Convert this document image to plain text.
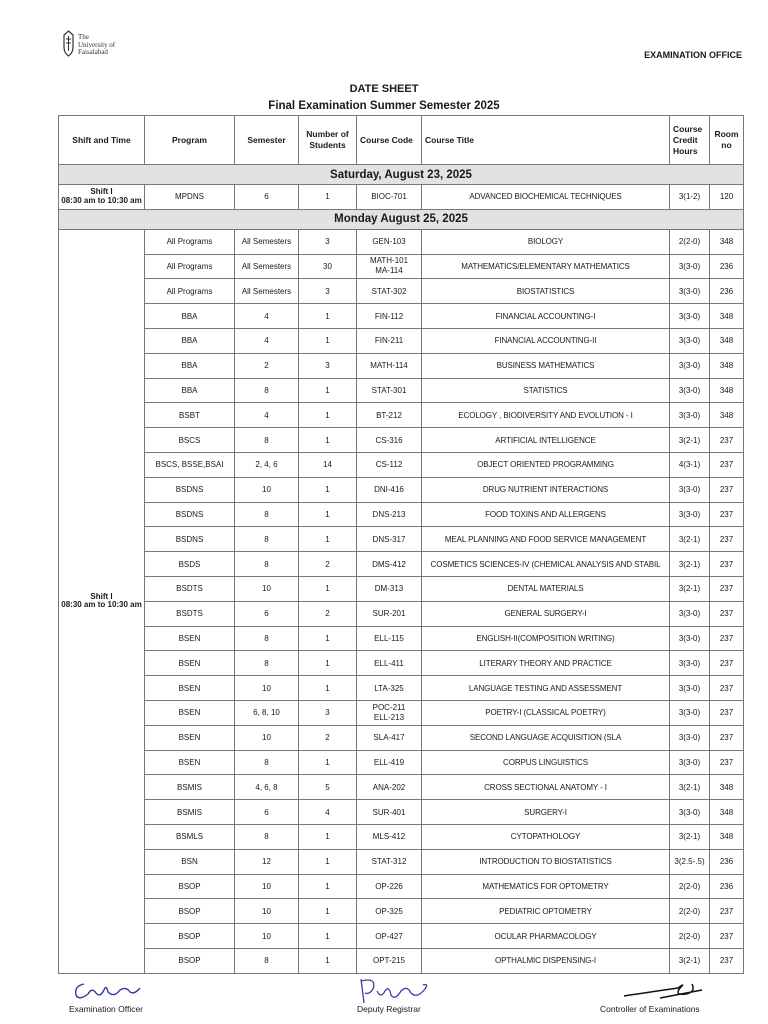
The
University of
Faisalabad	EXAMINATION OFFICE
DATE SHEET
Final Examination Summer Semester 2025
Shift and Time	Program	Semester	Number of Students	Course Code	Course Title	Course Credit Hours	Room no
Saturday, August 23, 2025							

Shift I
08:30 am to 10:30 am	MPDNS	6	1	BIOC-701	ADVANCED BIOCHEMICAL TECHNIQUES	3(1-2)	120
Monday August 25, 2025							

Shift I
08:30 am to 10:30 am	All Programs	All Semesters	3	GEN-103	BIOLOGY	2(2-0)	348
	All Programs	All Semesters	30	MATH-101
MA-114	MATHEMATICS/ELEMENTARY MATHEMATICS	3(3-0)	236
	All Programs	All Semesters	3	STAT-302	BIOSTATISTICS	3(3-0)	236
	BBA	4	1	FIN-112	FINANCIAL ACCOUNTING-I	3(3-0)	348
	BBA	4	1	FIN-211	FINANCIAL ACCOUNTING-II	3(3-0)	348
	BBA	2	3	MATH-114	BUSINESS MATHEMATICS	3(3-0)	348
	BBA	8	1	STAT-301	STATISTICS	3(3-0)	348
	BSBT	4	1	BT-212	ECOLOGY , BIODIVERSITY AND EVOLUTION - I	3(3-0)	348
	BSCS	8	1	CS-316	ARTIFICIAL INTELLIGENCE	3(2-1)	237
	BSCS, BSSE,BSAI	2, 4, 6	14	CS-112	OBJECT ORIENTED PROGRAMMING	4(3-1)	237
	BSDNS	10	1	DNI-416	DRUG NUTRIENT INTERACTIONS	3(3-0)	237
	BSDNS	8	1	DNS-213	FOOD TOXINS AND ALLERGENS	3(3-0)	237
	BSDNS	8	1	DNS-317	MEAL PLANNING AND FOOD SERVICE MANAGEMENT	3(2-1)	237
	BSDS	8	2	DMS-412	COSMETICS SCIENCES-IV (CHEMICAL ANALYSIS AND STABIL	3(2-1)	237
	BSDTS	10	1	DM-313	DENTAL MATERIALS	3(2-1)	237
	BSDTS	6	2	SUR-201	GENERAL SURGERY-I	3(3-0)	237
	BSEN	8	1	ELL-115	ENGLISH-II(COMPOSITION WRITING)	3(3-0)	237
	BSEN	8	1	ELL-411	LITERARY THEORY AND PRACTICE	3(3-0)	237
	BSEN	10	1	LTA-325	LANGUAGE TESTING AND ASSESSMENT	3(3-0)	237
	BSEN	6, 8, 10	3	POC-211
ELL-213	POETRY-I (CLASSICAL POETRY)	3(3-0)	237
	BSEN	10	2	SLA-417	SECOND LANGUAGE ACQUISITION (SLA	3(3-0)	237
	BSEN	8	1	ELL-419	CORPUS LINGUISTICS	3(3-0)	237
	BSMIS	4, 6, 8	5	ANA-202	CROSS SECTIONAL ANATOMY - I	3(2-1)	348
	BSMIS	6	4	SUR-401	SURGERY-I	3(3-0)	348
	BSMLS	8	1	MLS-412	CYTOPATHOLOGY	3(2-1)	348
	BSN	12	1	STAT-312	INTRODUCTION TO BIOSTATISTICS	3(2.5-.5)	236
	BSOP	10	1	OP-226	MATHEMATICS FOR OPTOMETRY	2(2-0)	236
	BSOP	10	1	OP-325	PEDIATRIC OPTOMETRY	2(2-0)	237
	BSOP	10	1	OP-427	OCULAR PHARMACOLOGY	2(2-0)	237
	BSOP	8	1	OPT-215	OPTHALMIC DISPENSING-I	3(2-1)	237
Examination Officer	Deputy Registrar	Controller of Examinations
